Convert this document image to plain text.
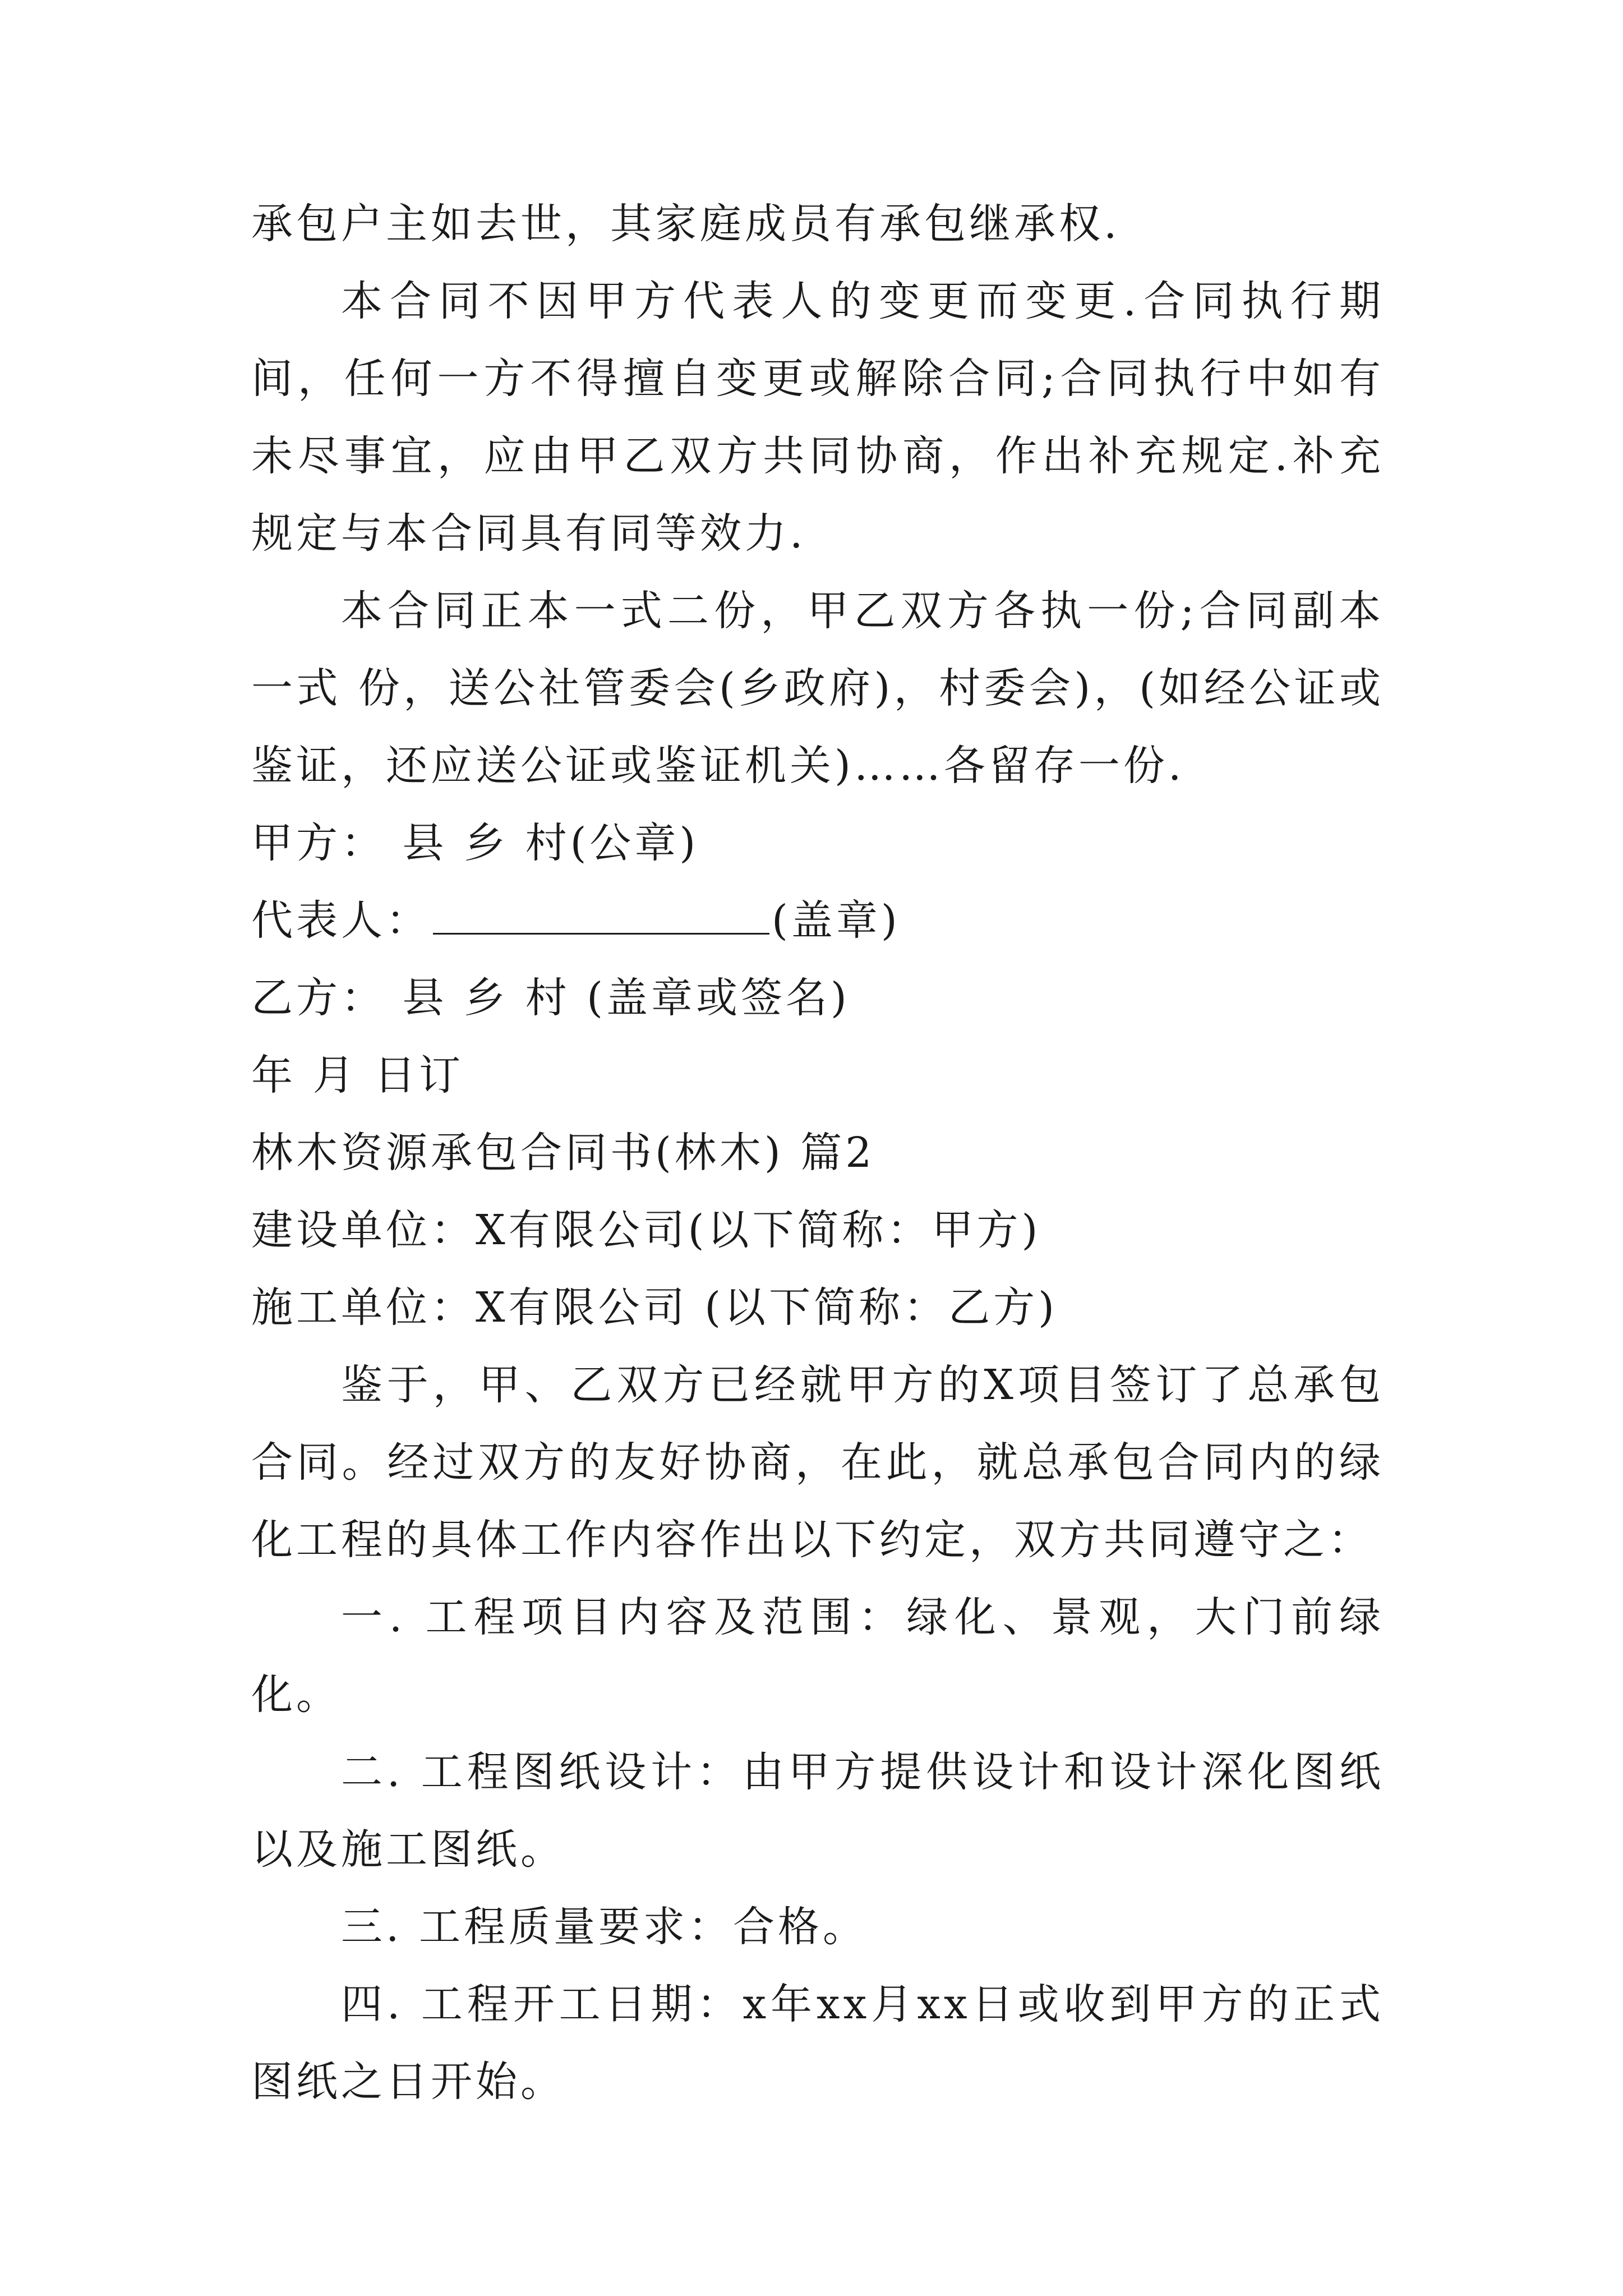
承包户主如去世，其家庭成员有承包继承权.

本合同不因甲方代表人的变更而变更.合同执行期间，任何一方不得擅自变更或解除合同;合同执行中如有未尽事宜，应由甲乙双方共同协商，作出补充规定.补充规定与本合同具有同等效力.

本合同正本一式二份，甲乙双方各执一份;合同副本一式 份，送公社管委会(乡政府)，村委会)，(如经公证或鉴证，还应送公证或鉴证机关)……各留存一份.

甲方： 县 乡 村(公章)

代表人：	(盖章)

乙方： 县 乡 村 (盖章或签名)

年 月 日订

林木资源承包合同书(林木) 篇2

建设单位：X有限公司(以下简称：甲方)

施工单位：X有限公司 (以下简称：乙方)

鉴于，甲、乙双方已经就甲方的X项目签订了总承包合同。经过双方的友好协商，在此，就总承包合同内的绿化工程的具体工作内容作出以下约定，双方共同遵守之：

一. 工程项目内容及范围：绿化、景观，大门前绿化。

二. 工程图纸设计：由甲方提供设计和设计深化图纸以及施工图纸。

三. 工程质量要求：合格。

四. 工程开工日期：x年xx月xx日或收到甲方的正式图纸之日开始。
